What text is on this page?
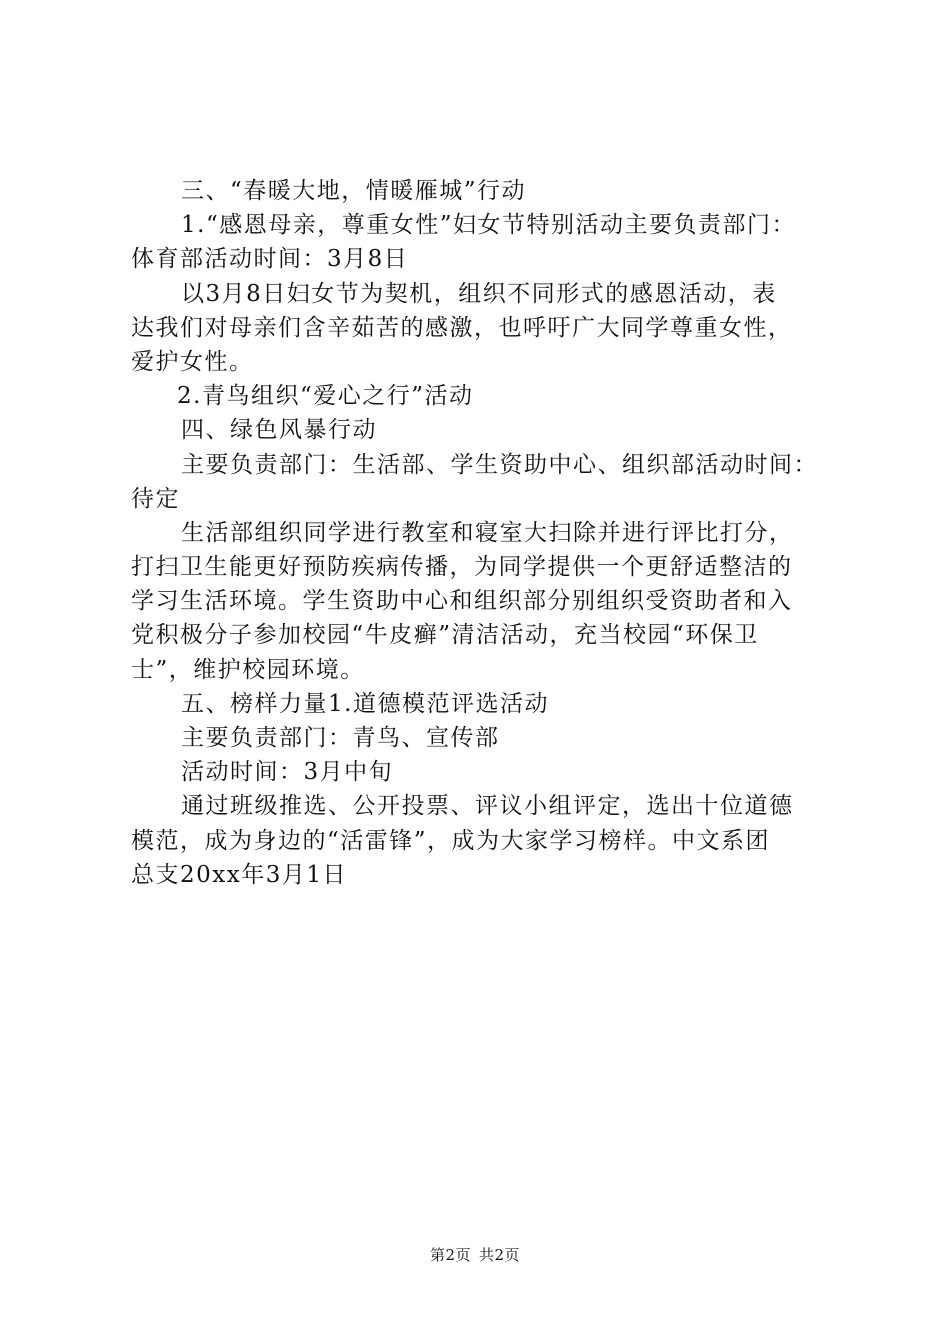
三、“春暖大地，情暖雁城”行动
1.“感恩母亲，尊重女性”妇女节特别活动主要负责部门：
体育部活动时间：3月8日
以3月8日妇女节为契机，组织不同形式的感恩活动，表
达我们对母亲们含辛茹苦的感激，也呼吁广大同学尊重女性，
爱护女性。
2.青鸟组织“爱心之行”活动
四、绿色风暴行动
主要负责部门：生活部、学生资助中心、组织部活动时间：
待定
生活部组织同学进行教室和寝室大扫除并进行评比打分，
打扫卫生能更好预防疾病传播，为同学提供一个更舒适整洁的
学习生活环境。学生资助中心和组织部分别组织受资助者和入
党积极分子参加校园“牛皮癣”清洁活动，充当校园“环保卫
士”，维护校园环境。
五、榜样力量1.道德模范评选活动
主要负责部门：青鸟、宣传部
活动时间：3月中旬
通过班级推选、公开投票、评议小组评定，选出十位道德
模范，成为身边的“活雷锋”，成为大家学习榜样。中文系团
总支20xx年3月1日
第2页 共2页
